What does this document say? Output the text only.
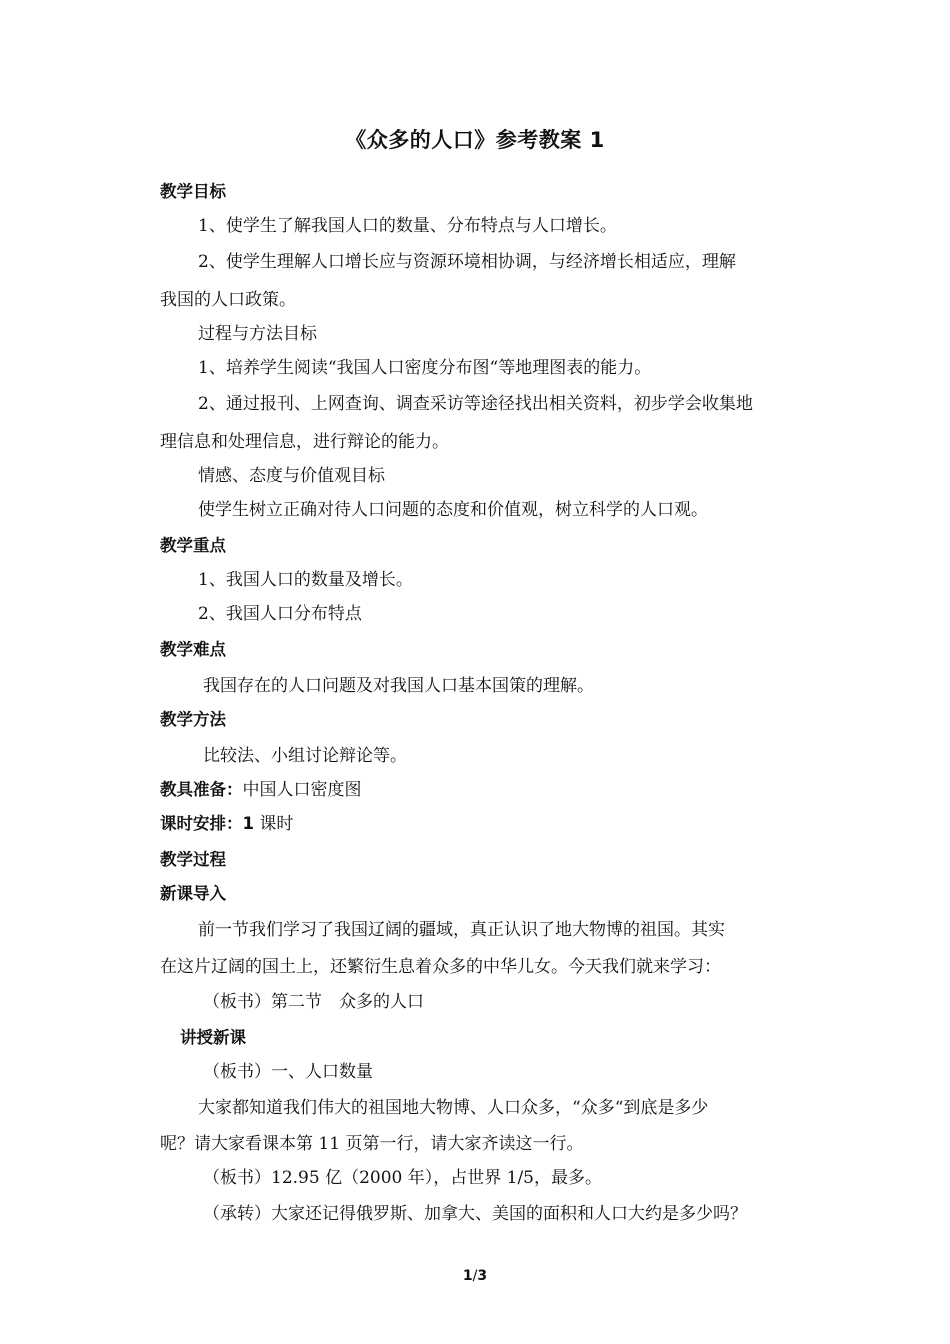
《众多的人口》参考教案 1
教学目标
1、使学生了解我国人口的数量、分布特点与人口增长。
2、使学生理解人口增长应与资源环境相协调，与经济增长相适应，理解
我国的人口政策。
过程与方法目标
1、培养学生阅读“我国人口密度分布图“等地理图表的能力。
2、通过报刊、上网查询、调查采访等途径找出相关资料，初步学会收集地
理信息和处理信息，进行辩论的能力。
情感、态度与价值观目标
使学生树立正确对待人口问题的态度和价值观，树立科学的人口观。
教学重点
1、我国人口的数量及增长。
2、我国人口分布特点
教学难点
我国存在的人口问题及对我国人口基本国策的理解。
教学方法
比较法、小组讨论辩论等。
教具准备：中国人口密度图
课时安排：1 课时
教学过程
新课导入
前一节我们学习了我国辽阔的疆域，真正认识了地大物博的祖国。其实
在这片辽阔的国土上，还繁衍生息着众多的中华儿女。今天我们就来学习：
（板书）第二节　众多的人口
讲授新课
（板书）一、人口数量
大家都知道我们伟大的祖国地大物博、人口众多，“众多“到底是多少
呢？请大家看课本第 11 页第一行，请大家齐读这一行。
（板书）12.95 亿（2000 年），占世界 1/5，最多。
（承转）大家还记得俄罗斯、加拿大、美国的面积和人口大约是多少吗？
1/3
